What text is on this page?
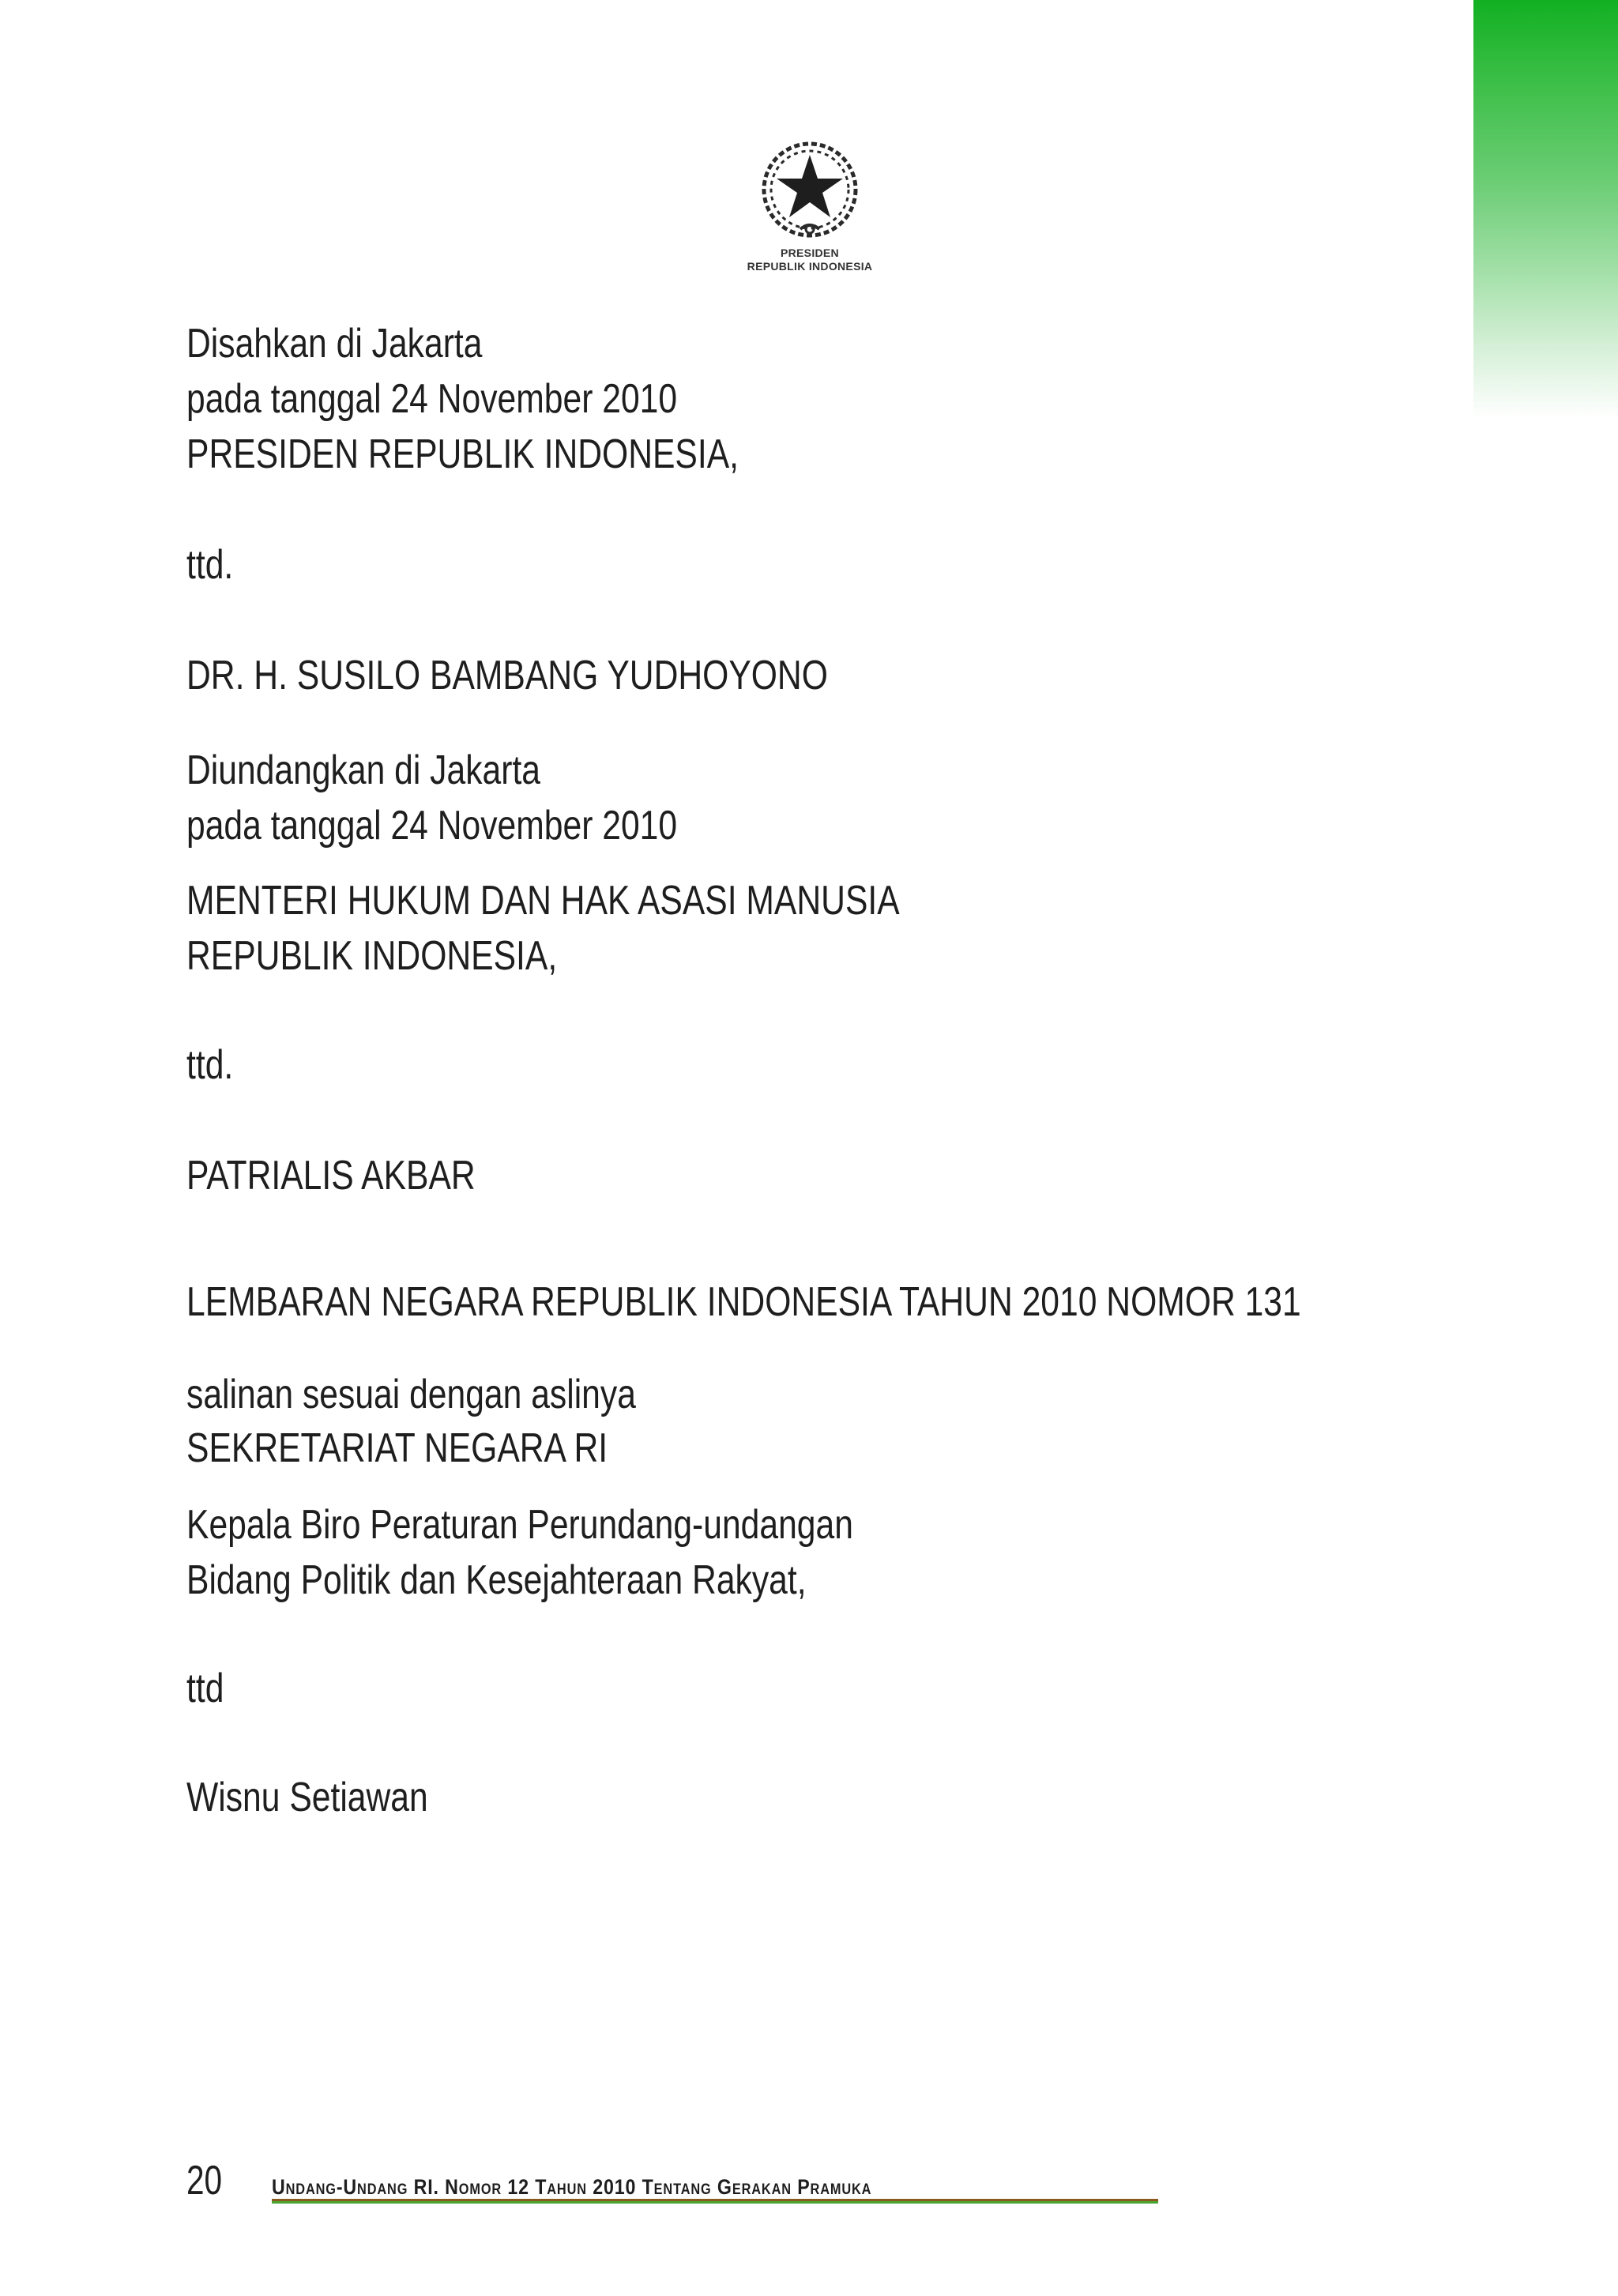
PRESIDEN
REPUBLIK INDONESIA
Disahkan di Jakarta
pada tanggal 24 November 2010
PRESIDEN REPUBLIK INDONESIA,
ttd.
DR. H. SUSILO BAMBANG YUDHOYONO
Diundangkan di Jakarta
pada tanggal 24 November 2010
MENTERI HUKUM DAN HAK ASASI MANUSIA
REPUBLIK INDONESIA,
ttd.
PATRIALIS AKBAR
LEMBARAN NEGARA REPUBLIK INDONESIA TAHUN 2010 NOMOR 131
salinan sesuai dengan aslinya
SEKRETARIAT NEGARA RI
Kepala Biro Peraturan Perundang-undangan
Bidang Politik dan Kesejahteraan Rakyat,
ttd
Wisnu Setiawan
20 Undang-Undang RI. Nomor 12 Tahun 2010 Tentang Gerakan Pramuka
